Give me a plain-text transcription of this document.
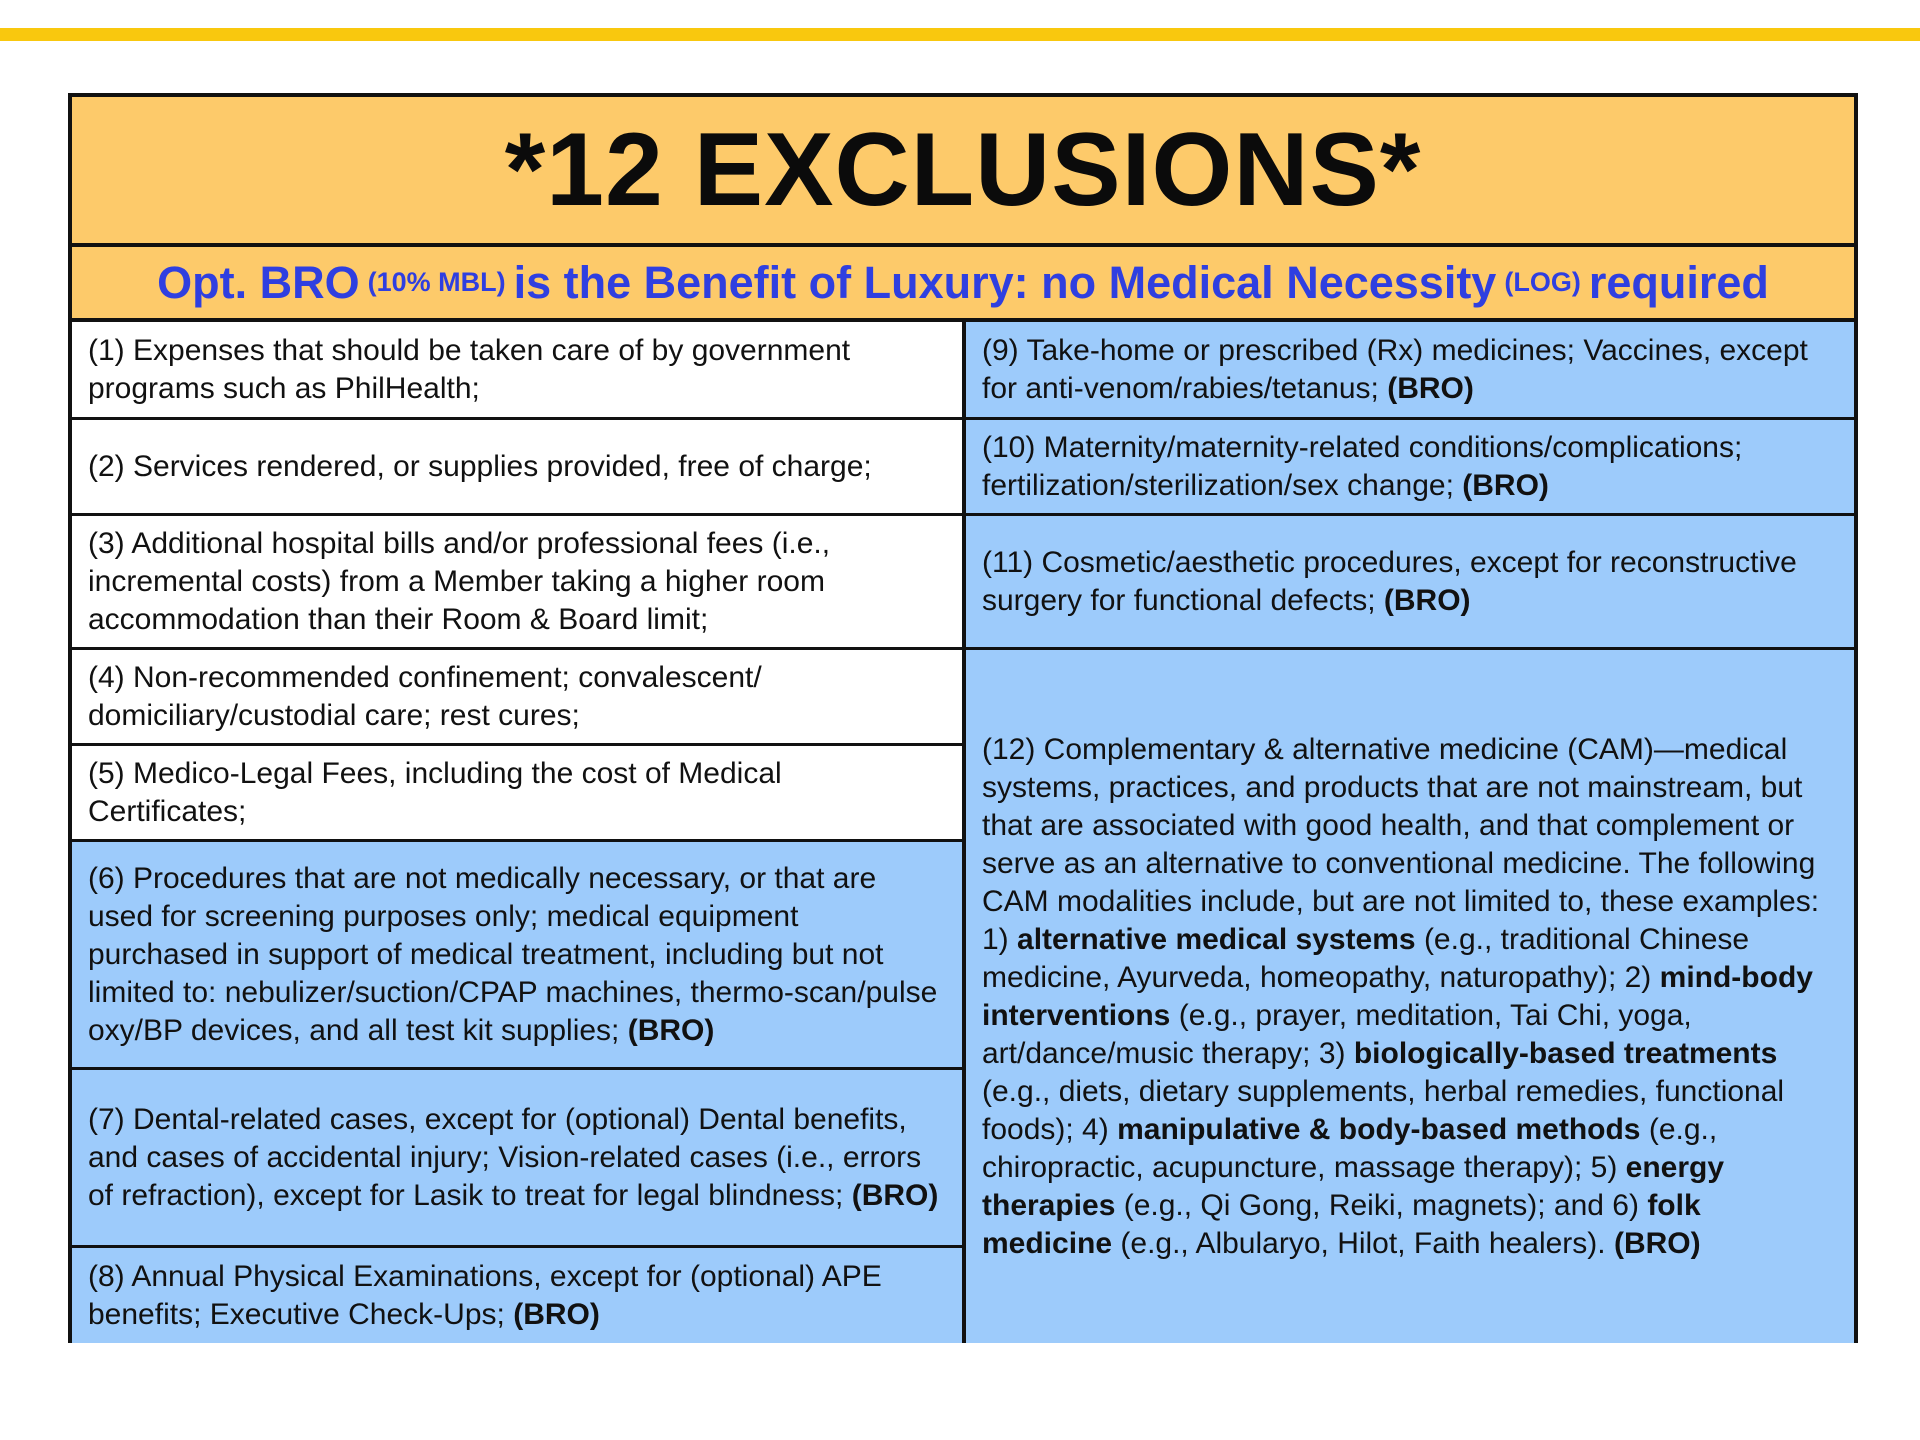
*12 EXCLUSIONS*
Opt. BRO (10% MBL) is the Benefit of Luxury: no Medical Necessity (LOG) required

(1) Expenses that should be taken care of by government programs such as PhilHealth;

(2) Services rendered, or supplies provided, free of charge;

(3) Additional hospital bills and/or professional fees (i.e., incremental costs) from a Member taking a higher room accommodation than their Room & Board limit;

(4) Non-recommended confinement; convalescent/ domiciliary/custodial care; rest cures;

(5) Medico-Legal Fees, including the cost of Medical Certificates;

(6) Procedures that are not medically necessary, or that are used for screening purposes only; medical equipment purchased in support of medical treatment, including but not limited to: nebulizer/suction/CPAP machines, thermo-scan/pulse oxy/BP devices, and all test kit supplies; (BRO)

(7) Dental-related cases, except for (optional) Dental benefits, and cases of accidental injury; Vision-related cases (i.e., errors of refraction), except for Lasik to treat for legal blindness; (BRO)

(8) Annual Physical Examinations, except for (optional) APE benefits; Executive Check-Ups; (BRO)

(9) Take-home or prescribed (Rx) medicines; Vaccines, except for anti-venom/rabies/tetanus; (BRO)

(10) Maternity/maternity-related conditions/complications; fertilization/sterilization/sex change; (BRO)

(11) Cosmetic/aesthetic procedures, except for reconstructive surgery for functional defects; (BRO)

(12) Complementary & alternative medicine (CAM)—medical systems, practices, and products that are not mainstream, but that are associated with good health, and that complement or serve as an alternative to conventional medicine. The following CAM modalities include, but are not limited to, these examples: 1) alternative medical systems (e.g., traditional Chinese medicine, Ayurveda, homeopathy, naturopathy); 2) mind-body interventions (e.g., prayer, meditation, Tai Chi, yoga, art/dance/music therapy; 3) biologically-based treatments (e.g., diets, dietary supplements, herbal remedies, functional foods); 4) manipulative & body-based methods (e.g., chiropractic, acupuncture, massage therapy); 5) energy therapies (e.g., Qi Gong, Reiki, magnets); and 6) folk medicine (e.g., Albularyo, Hilot, Faith healers). (BRO)
